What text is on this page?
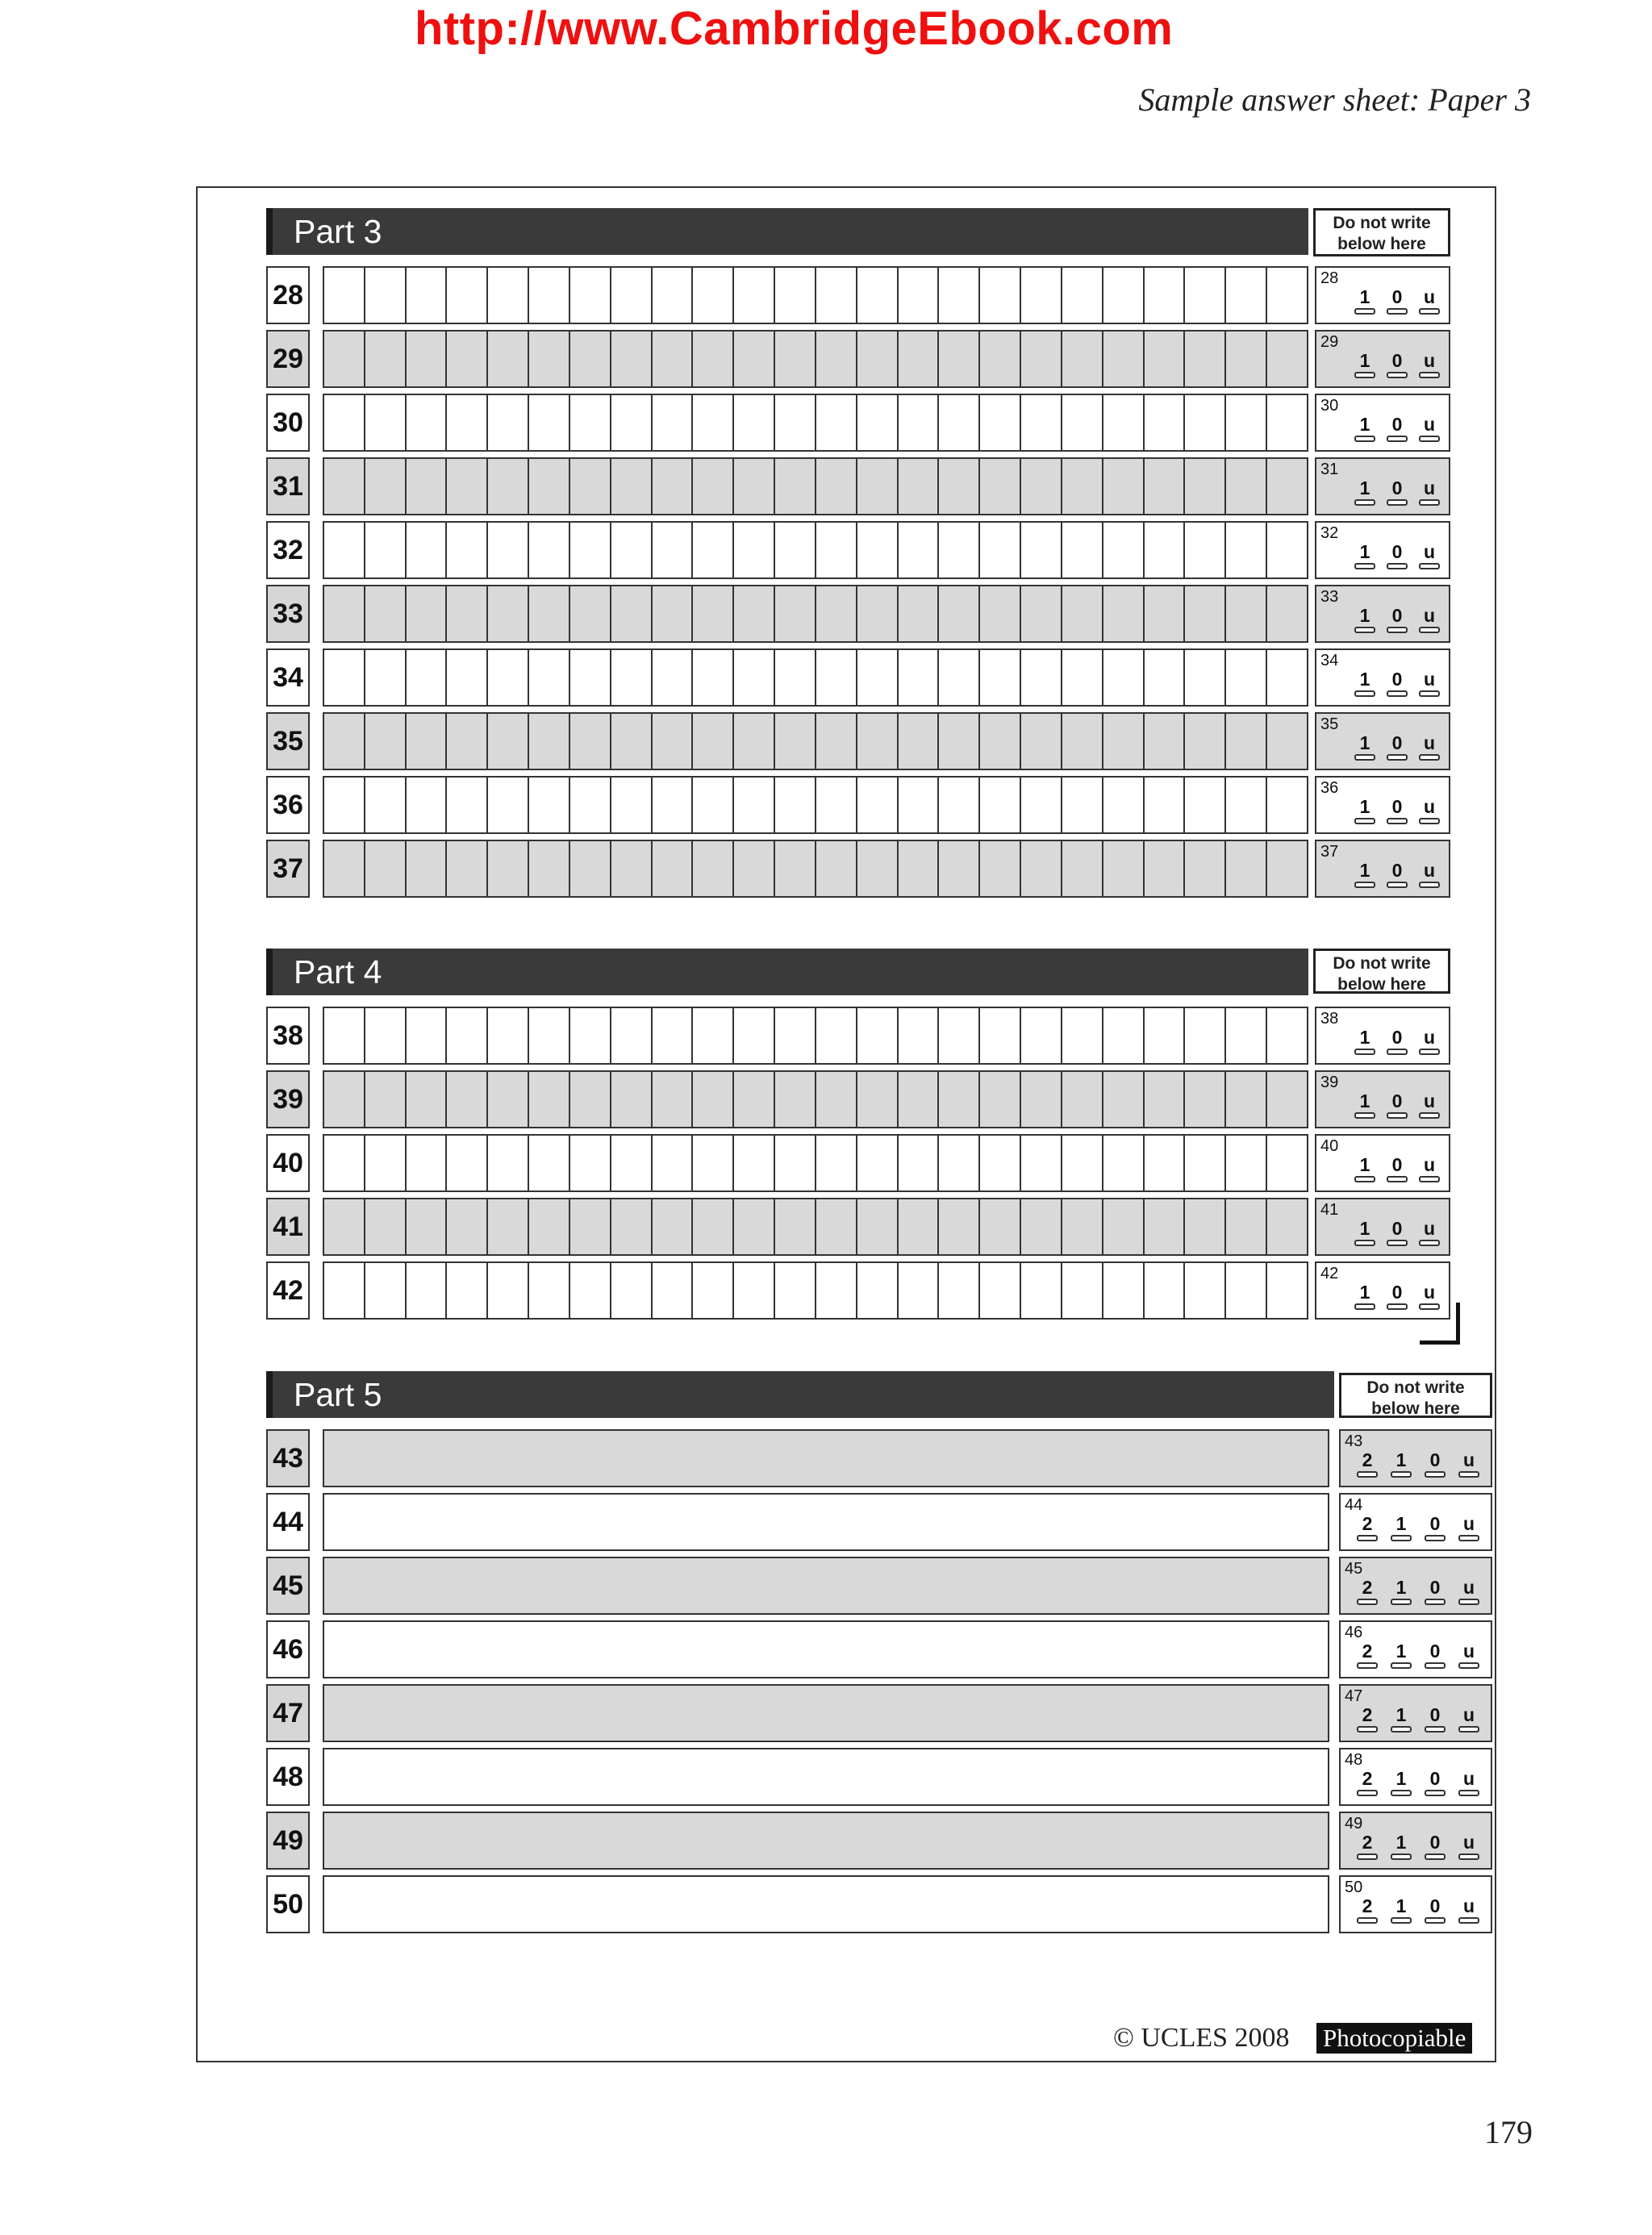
http://www.CambridgeEbook.com
Sample answer sheet: Paper 3
Part 3	Do not write
below here
28
28
1	0	u
29
29
1	0	u
30
30
1	0	u
31
31
1	0	u
32
32
1	0	u
33
33
1	0	u
34
34
1	0	u
35
35
1	0	u
36
36
1	0	u
37
37
1	0	u
Part 4	Do not write
below here
38
38
1	0	u
39
39
1	0	u
40
40
1	0	u
41
41
1	0	u
42
42
1	0	u
Part 5	Do not write
below here
43
43
2	1	0	u
44
44
2	1	0	u
45
45
2	1	0	u
46
46
2	1	0	u
47
47
2	1	0	u
48
48
2	1	0	u
49
49
2	1	0	u
50
50
2	1	0	u
© UCLES 2008 Photocopiable
179
